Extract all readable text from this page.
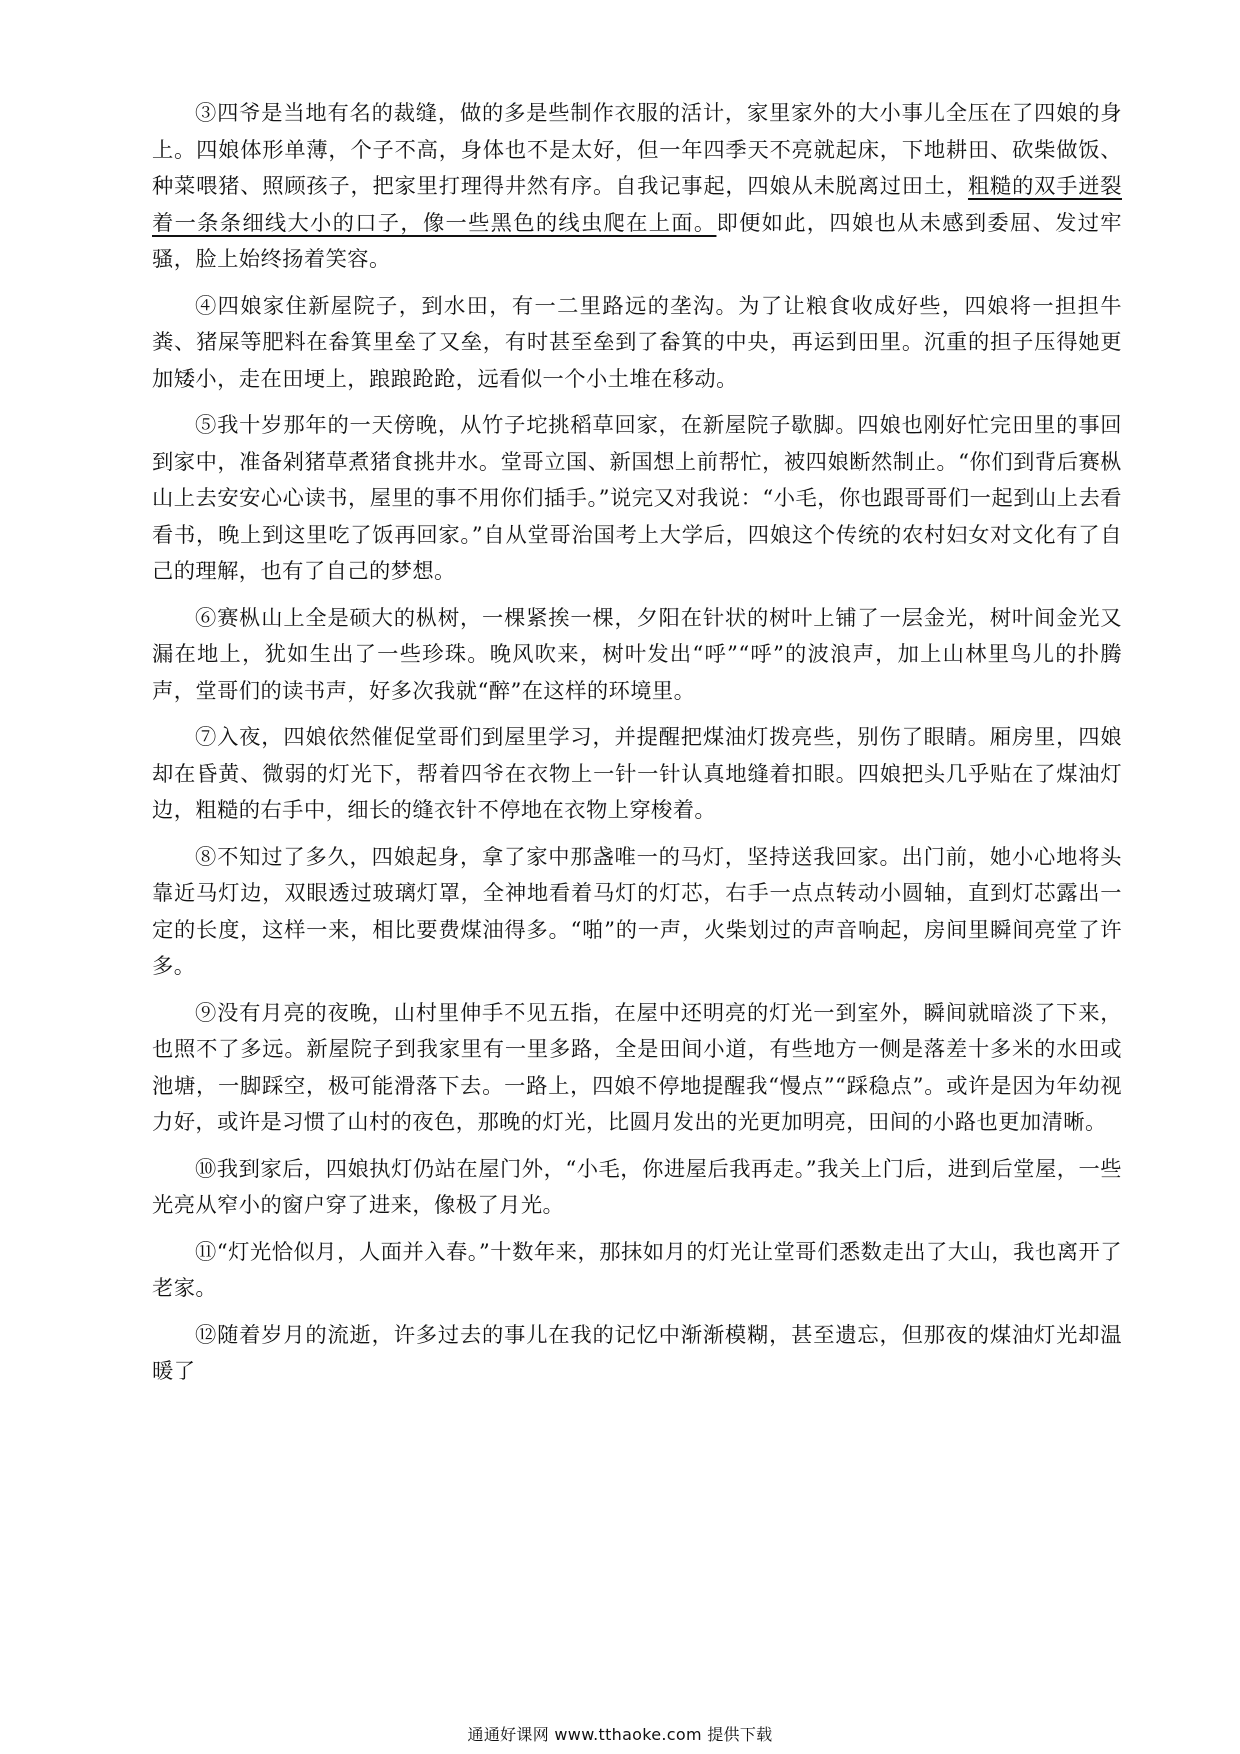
③四爷是当地有名的裁缝，做的多是些制作衣服的活计，家里家外的大小事儿全压在了四娘的身上。四娘体形单薄，个子不高，身体也不是太好，但一年四季天不亮就起床，下地耕田、砍柴做饭、种菜喂猪、照顾孩子，把家里打理得井然有序。自我记事起，四娘从未脱离过田土，粗糙的双手迸裂着一条条细线大小的口子，像一些黑色的线虫爬在上面。即便如此，四娘也从未感到委屈、发过牢骚，脸上始终扬着笑容。

④四娘家住新屋院子，到水田，有一二里路远的垄沟。为了让粮食收成好些，四娘将一担担牛粪、猪屎等肥料在畚箕里垒了又垒，有时甚至垒到了畚箕的中央，再运到田里。沉重的担子压得她更加矮小，走在田埂上，踉踉跄跄，远看似一个小土堆在移动。

⑤我十岁那年的一天傍晚，从竹子坨挑稻草回家，在新屋院子歇脚。四娘也刚好忙完田里的事回到家中，准备剁猪草煮猪食挑井水。堂哥立国、新国想上前帮忙，被四娘断然制止。“你们到背后赛枞山上去安安心心读书，屋里的事不用你们插手。”说完又对我说：“小毛，你也跟哥哥们一起到山上去看看书，晚上到这里吃了饭再回家。”自从堂哥治国考上大学后，四娘这个传统的农村妇女对文化有了自己的理解，也有了自己的梦想。

⑥赛枞山上全是硕大的枞树，一棵紧挨一棵，夕阳在针状的树叶上铺了一层金光，树叶间金光又漏在地上，犹如生出了一些珍珠。晚风吹来，树叶发出“呼”“呼”的波浪声，加上山林里鸟儿的扑腾声，堂哥们的读书声，好多次我就“醉”在这样的环境里。

⑦入夜，四娘依然催促堂哥们到屋里学习，并提醒把煤油灯拨亮些，别伤了眼睛。厢房里，四娘却在昏黄、微弱的灯光下，帮着四爷在衣物上一针一针认真地缝着扣眼。四娘把头几乎贴在了煤油灯边，粗糙的右手中，细长的缝衣针不停地在衣物上穿梭着。

⑧不知过了多久，四娘起身，拿了家中那盏唯一的马灯，坚持送我回家。出门前，她小心地将头靠近马灯边，双眼透过玻璃灯罩，全神地看着马灯的灯芯，右手一点点转动小圆轴，直到灯芯露出一定的长度，这样一来，相比要费煤油得多。“啪”的一声，火柴划过的声音响起，房间里瞬间亮堂了许多。

⑨没有月亮的夜晚，山村里伸手不见五指，在屋中还明亮的灯光一到室外，瞬间就暗淡了下来，也照不了多远。新屋院子到我家里有一里多路，全是田间小道，有些地方一侧是落差十多米的水田或池塘，一脚踩空，极可能滑落下去。一路上，四娘不停地提醒我“慢点”“踩稳点”。或许是因为年幼视力好，或许是习惯了山村的夜色，那晚的灯光，比圆月发出的光更加明亮，田间的小路也更加清晰。

⑩我到家后，四娘执灯仍站在屋门外，“小毛，你进屋后我再走。”我关上门后，进到后堂屋，一些光亮从窄小的窗户穿了进来，像极了月光。

⑪“灯光恰似月，人面并入春。”十数年来，那抹如月的灯光让堂哥们悉数走出了大山，我也离开了老家。

⑫随着岁月的流逝，许多过去的事儿在我的记忆中渐渐模糊，甚至遗忘，但那夜的煤油灯光却温暖了

通通好课网 www.tthaoke.com 提供下载
